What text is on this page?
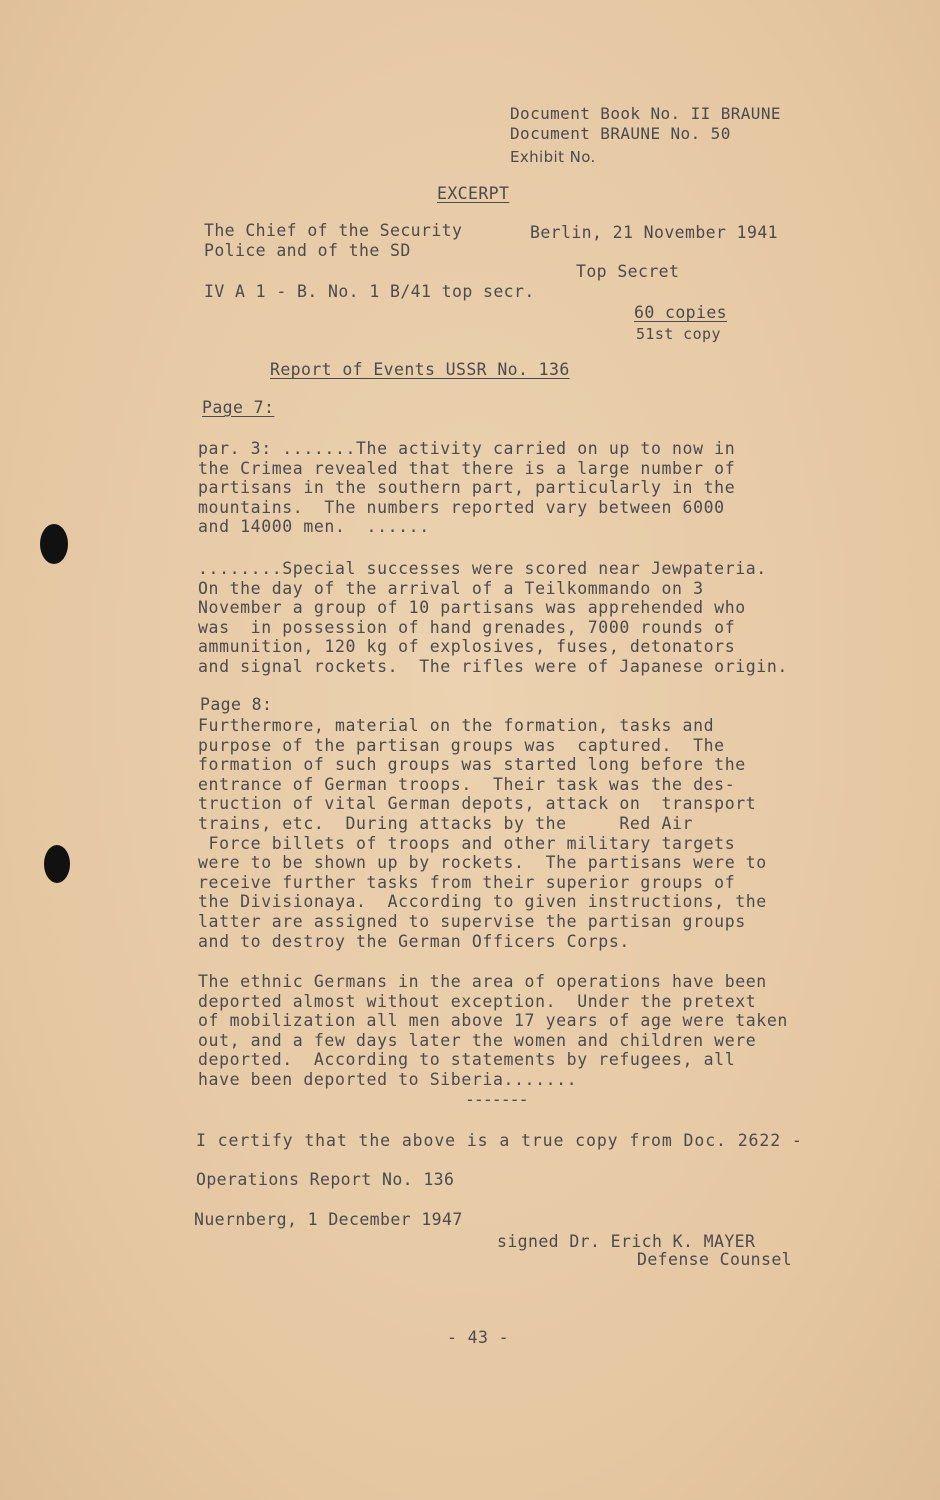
Document Book No. II BRAUNE
Document BRAUNE No. 50
Exhibit No.
EXCERPT
The Chief of the Security
Police and of the SD
Berlin, 21 November 1941
Top Secret
IV A 1 - B. No. 1 B/41 top secr.
60 copies
51st copy
Report of Events USSR No. 136
Page 7:
par. 3: .......The activity carried on up to now in
the Crimea revealed that there is a large number of
partisans in the southern part, particularly in the
mountains.  The numbers reported vary between 6000
and 14000 men.  ......
........Special successes were scored near Jewpateria.
On the day of the arrival of a Teilkommando on 3
November a group of 10 partisans was apprehended who
was  in possession of hand grenades, 7000 rounds of
ammunition, 120 kg of explosives, fuses, detonators
and signal rockets.  The rifles were of Japanese origin.
Page 8:
Furthermore, material on the formation, tasks and
purpose of the partisan groups was  captured.  The
formation of such groups was started long before the
entrance of German troops.  Their task was the des-
truction of vital German depots, attack on  transport
trains, etc.  During attacks by the     Red Air
Force billets of troops and other military targets
were to be shown up by rockets.  The partisans were to
receive further tasks from their superior groups of
the Divisionaya.  According to given instructions, the
latter are assigned to supervise the partisan groups
and to destroy the German Officers Corps.
The ethnic Germans in the area of operations have been
deported almost without exception.  Under the pretext
of mobilization all men above 17 years of age were taken
out, and a few days later the women and children were
deported.  According to statements by refugees, all
have been deported to Siberia.......
-------
I certify that the above is a true copy from Doc. 2622 -
Operations Report No. 136
Nuernberg, 1 December 1947
signed Dr. Erich K. MAYER
Defense Counsel
- 43 -
